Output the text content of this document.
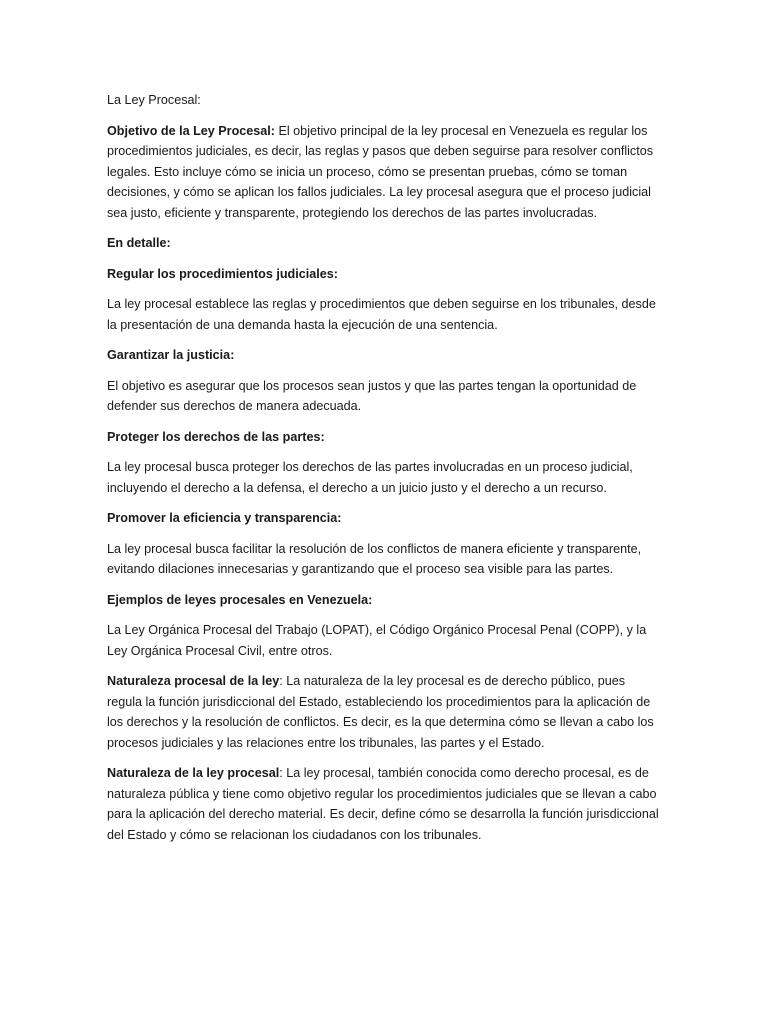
La Ley Procesal:

Objetivo de la Ley Procesal: El objetivo principal de la ley procesal en Venezuela es regular los procedimientos judiciales, es decir, las reglas y pasos que deben seguirse para resolver conflictos legales. Esto incluye cómo se inicia un proceso, cómo se presentan pruebas, cómo se toman decisiones, y cómo se aplican los fallos judiciales. La ley procesal asegura que el proceso judicial sea justo, eficiente y transparente, protegiendo los derechos de las partes involucradas.

En detalle:

Regular los procedimientos judiciales:

La ley procesal establece las reglas y procedimientos que deben seguirse en los tribunales, desde la presentación de una demanda hasta la ejecución de una sentencia.

Garantizar la justicia:

El objetivo es asegurar que los procesos sean justos y que las partes tengan la oportunidad de defender sus derechos de manera adecuada.

Proteger los derechos de las partes:

La ley procesal busca proteger los derechos de las partes involucradas en un proceso judicial, incluyendo el derecho a la defensa, el derecho a un juicio justo y el derecho a un recurso.

Promover la eficiencia y transparencia:

La ley procesal busca facilitar la resolución de los conflictos de manera eficiente y transparente, evitando dilaciones innecesarias y garantizando que el proceso sea visible para las partes.

Ejemplos de leyes procesales en Venezuela:

La Ley Orgánica Procesal del Trabajo (LOPAT), el Código Orgánico Procesal Penal (COPP), y la Ley Orgánica Procesal Civil, entre otros.

Naturaleza procesal de la ley: La naturaleza de la ley procesal es de derecho público, pues regula la función jurisdiccional del Estado, estableciendo los procedimientos para la aplicación de los derechos y la resolución de conflictos. Es decir, es la que determina cómo se llevan a cabo los procesos judiciales y las relaciones entre los tribunales, las partes y el Estado.

Naturaleza de la ley procesal: La ley procesal, también conocida como derecho procesal, es de naturaleza pública y tiene como objetivo regular los procedimientos judiciales que se llevan a cabo para la aplicación del derecho material. Es decir, define cómo se desarrolla la función jurisdiccional del Estado y cómo se relacionan los ciudadanos con los tribunales.
